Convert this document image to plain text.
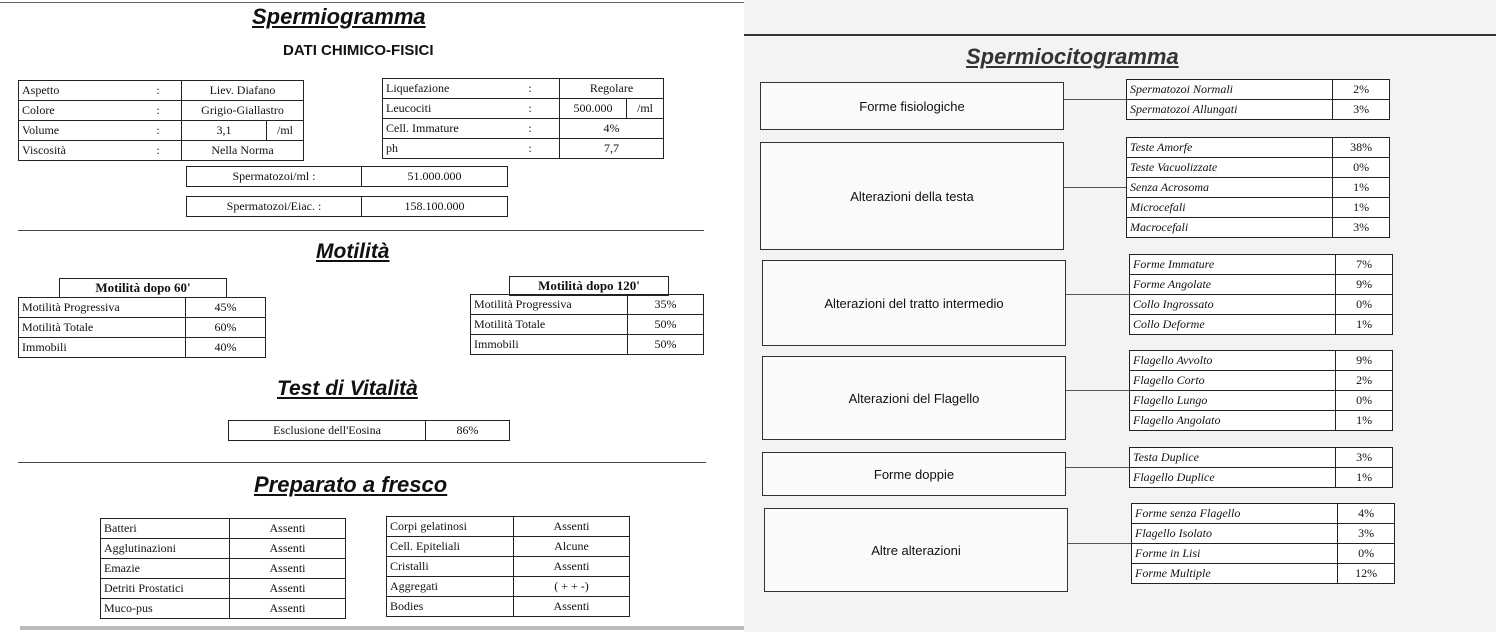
Spermiogramma
DATI CHIMICO-FISICI
Aspetto	:	Liev. Diafano	
Colore	:	Grigio-Giallastro	
Volume	:	3,1	/ml
Viscosità	:	Nella Norma	
Liquefazione	:	Regolare	
Leucociti	:	500.000	/ml
Cell. Immature	:	4%	
ph	:	7,7	
Spermatozoi/ml :	51.000.000
Spermatozoi/Eiac. :	158.100.000
Motilità
Motilità dopo 60'
Motilità Progressiva	45%
Motilità Totale	60%
Immobili	40%
Motilità dopo 120'
Motilità Progressiva	35%
Motilità Totale	50%
Immobili	50%
Test di Vitalità
Esclusione dell'Eosina	86%
Preparato a fresco
Batteri	Assenti
Agglutinazioni	Assenti
Emazie	Assenti
Detriti Prostatici	Assenti
Muco-pus	Assenti
Corpi gelatinosi	Assenti
Cell. Epiteliali	Alcune
Cristalli	Assenti
Aggregati	( + + -)
Bodies	Assenti
Spermiocitogramma
Forme fisiologiche
Spermatozoi Normali	2%
Spermatozoi Allungati	3%
Alterazioni della testa
Teste Amorfe	38%
Teste Vacuolizzate	0%
Senza Acrosoma	1%
Microcefali	1%
Macrocefali	3%
Alterazioni del tratto intermedio
Forme Immature	7%
Forme Angolate	9%
Collo Ingrossato	0%
Collo Deforme	1%
Alterazioni del Flagello
Flagello Avvolto	9%
Flagello Corto	2%
Flagello Lungo	0%
Flagello Angolato	1%
Forme doppie
Testa Duplice	3%
Flagello Duplice	1%
Altre alterazioni
Forme senza Flagello	4%
Flagello Isolato	3%
Forme in Lisi	0%
Forme Multiple	12%
